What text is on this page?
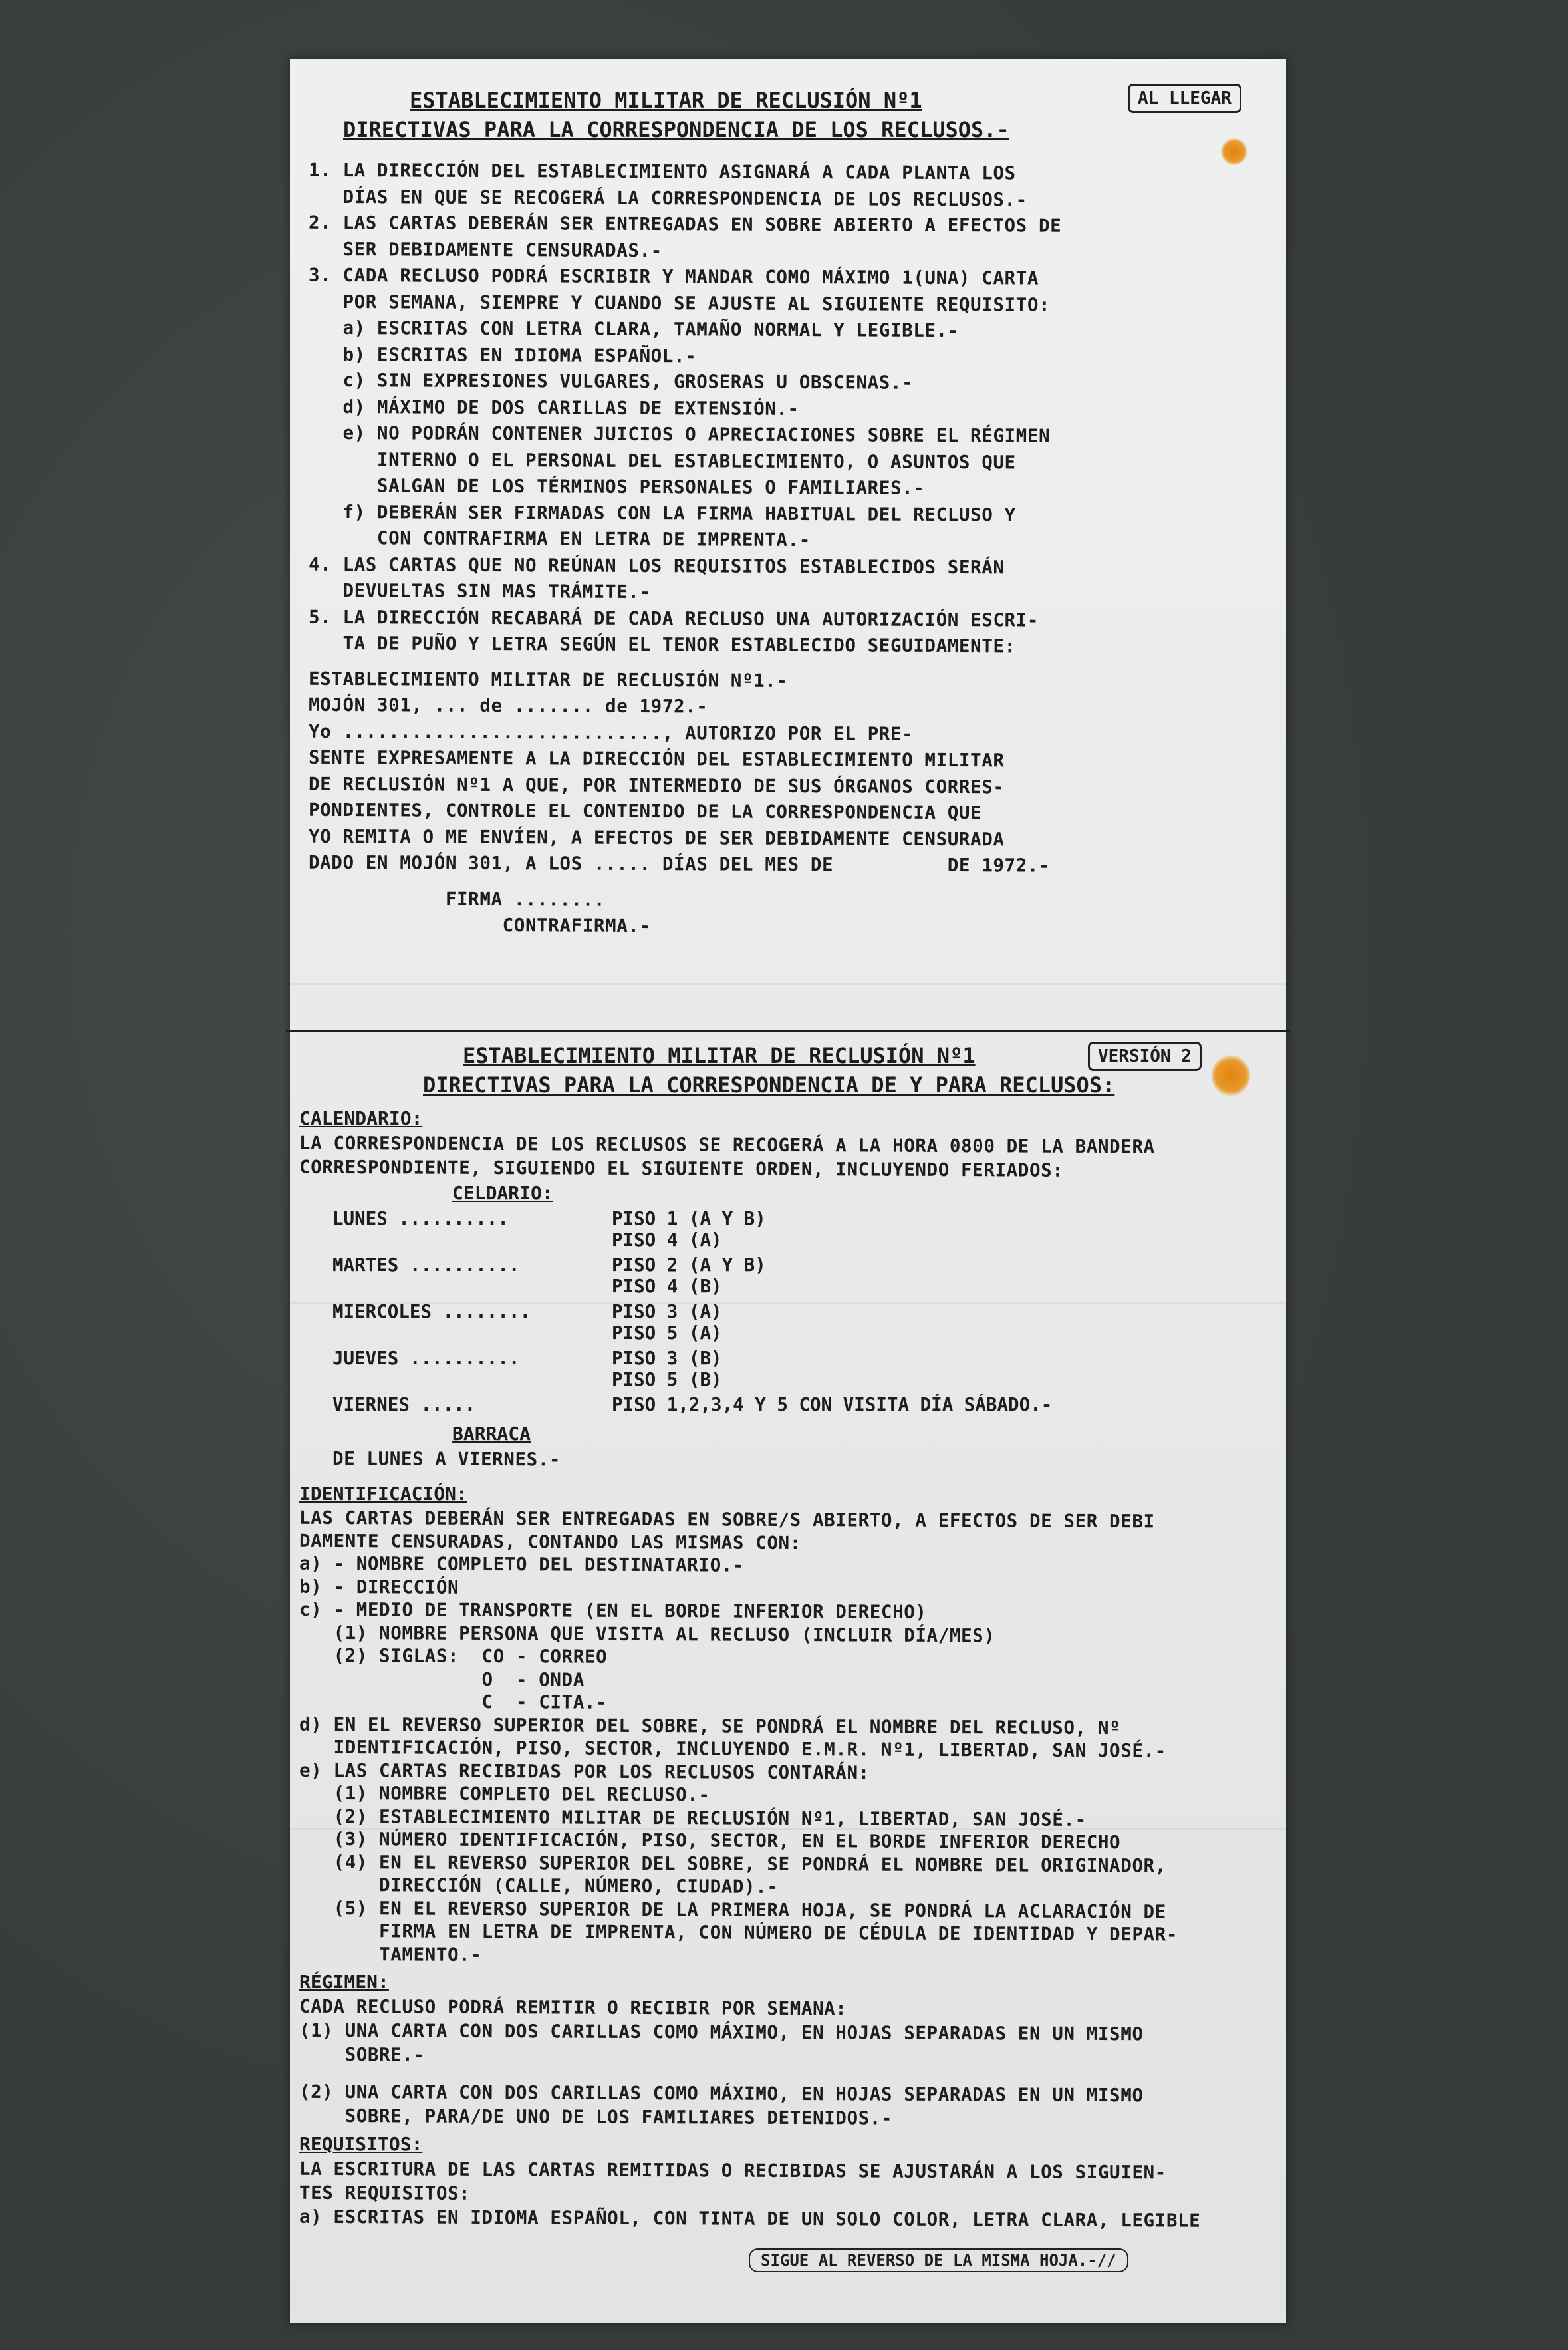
ESTABLECIMIENTO MILITAR DE RECLUSIÓN Nº1
DIRECTIVAS PARA LA CORRESPONDENCIA DE LOS RECLUSOS.-
AL LLEGAR
1. LA DIRECCIÓN DEL ESTABLECIMIENTO ASIGNARÁ A CADA PLANTA LOS
DÍAS EN QUE SE RECOGERÁ LA CORRESPONDENCIA DE LOS RECLUSOS.-
2. LAS CARTAS DEBERÁN SER ENTREGADAS EN SOBRE ABIERTO A EFECTOS DE
SER DEBIDAMENTE CENSURADAS.-
3. CADA RECLUSO PODRÁ ESCRIBIR Y MANDAR COMO MÁXIMO 1(UNA) CARTA
POR SEMANA, SIEMPRE Y CUANDO SE AJUSTE AL SIGUIENTE REQUISITO:
a) ESCRITAS CON LETRA CLARA, TAMAÑO NORMAL Y LEGIBLE.-
b) ESCRITAS EN IDIOMA ESPAÑOL.-
c) SIN EXPRESIONES VULGARES, GROSERAS U OBSCENAS.-
d) MÁXIMO DE DOS CARILLAS DE EXTENSIÓN.-
e) NO PODRÁN CONTENER JUICIOS O APRECIACIONES SOBRE EL RÉGIMEN
INTERNO O EL PERSONAL DEL ESTABLECIMIENTO, O ASUNTOS QUE
SALGAN DE LOS TÉRMINOS PERSONALES O FAMILIARES.-
f) DEBERÁN SER FIRMADAS CON LA FIRMA HABITUAL DEL RECLUSO Y
CON CONTRAFIRMA EN LETRA DE IMPRENTA.-
4. LAS CARTAS QUE NO REÚNAN LOS REQUISITOS ESTABLECIDOS SERÁN
DEVUELTAS SIN MAS TRÁMITE.-
5. LA DIRECCIÓN RECABARÁ DE CADA RECLUSO UNA AUTORIZACIÓN ESCRI-
TA DE PUÑO Y LETRA SEGÚN EL TENOR ESTABLECIDO SEGUIDAMENTE:
ESTABLECIMIENTO MILITAR DE RECLUSIÓN Nº1.-
MOJÓN 301, ... de ....... de 1972.-
Yo ............................, AUTORIZO POR EL PRE-
SENTE EXPRESAMENTE A LA DIRECCIÓN DEL ESTABLECIMIENTO MILITAR
DE RECLUSIÓN Nº1 A QUE, POR INTERMEDIO DE SUS ÓRGANOS CORRES-
PONDIENTES, CONTROLE EL CONTENIDO DE LA CORRESPONDENCIA QUE
YO REMITA O ME ENVÍEN, A EFECTOS DE SER DEBIDAMENTE CENSURADA
DADO EN MOJÓN 301, A LOS ..... DÍAS DEL MES DE          DE 1972.-
FIRMA ........
CONTRAFIRMA.-
ESTABLECIMIENTO MILITAR DE RECLUSIÓN Nº1
DIRECTIVAS PARA LA CORRESPONDENCIA DE Y PARA RECLUSOS:
VERSIÓN 2
CALENDARIO:
LA CORRESPONDENCIA DE LOS RECLUSOS SE RECOGERÁ A LA HORA 0800 DE LA BANDERA
CORRESPONDIENTE, SIGUIENDO EL SIGUIENTE ORDEN, INCLUYENDO FERIADOS:
CELDARIO:
LUNES ..........	PISO 1 (A Y B)
PISO 4 (A)
MARTES ..........	PISO 2 (A Y B)
PISO 4 (B)
MIERCOLES ........	PISO 3 (A)
PISO 5 (A)
JUEVES ..........	PISO 3 (B)
PISO 5 (B)
VIERNES .....	PISO 1,2,3,4 Y 5 CON VISITA DÍA SÁBADO.-
BARRACA
DE LUNES A VIERNES.-
IDENTIFICACIÓN:
LAS CARTAS DEBERÁN SER ENTREGADAS EN SOBRE/S ABIERTO, A EFECTOS DE SER DEBI
DAMENTE CENSURADAS, CONTANDO LAS MISMAS CON:
a) - NOMBRE COMPLETO DEL DESTINATARIO.-
b) - DIRECCIÓN
c) - MEDIO DE TRANSPORTE (EN EL BORDE INFERIOR DERECHO)
(1) NOMBRE PERSONA QUE VISITA AL RECLUSO (INCLUIR DÍA/MES)
(2) SIGLAS:  CO - CORREO
O  - ONDA
C  - CITA.-
d) EN EL REVERSO SUPERIOR DEL SOBRE, SE PONDRÁ EL NOMBRE DEL RECLUSO, Nº
IDENTIFICACIÓN, PISO, SECTOR, INCLUYENDO E.M.R. Nº1, LIBERTAD, SAN JOSÉ.-
e) LAS CARTAS RECIBIDAS POR LOS RECLUSOS CONTARÁN:
(1) NOMBRE COMPLETO DEL RECLUSO.-
(2) ESTABLECIMIENTO MILITAR DE RECLUSIÓN Nº1, LIBERTAD, SAN JOSÉ.-
(3) NÚMERO IDENTIFICACIÓN, PISO, SECTOR, EN EL BORDE INFERIOR DERECHO
(4) EN EL REVERSO SUPERIOR DEL SOBRE, SE PONDRÁ EL NOMBRE DEL ORIGINADOR,
DIRECCIÓN (CALLE, NÚMERO, CIUDAD).-
(5) EN EL REVERSO SUPERIOR DE LA PRIMERA HOJA, SE PONDRÁ LA ACLARACIÓN DE
FIRMA EN LETRA DE IMPRENTA, CON NÚMERO DE CÉDULA DE IDENTIDAD Y DEPAR-
TAMENTO.-
RÉGIMEN:
CADA RECLUSO PODRÁ REMITIR O RECIBIR POR SEMANA:
(1) UNA CARTA CON DOS CARILLAS COMO MÁXIMO, EN HOJAS SEPARADAS EN UN MISMO
SOBRE.-
(2) UNA CARTA CON DOS CARILLAS COMO MÁXIMO, EN HOJAS SEPARADAS EN UN MISMO
SOBRE, PARA/DE UNO DE LOS FAMILIARES DETENIDOS.-
REQUISITOS:
LA ESCRITURA DE LAS CARTAS REMITIDAS O RECIBIDAS SE AJUSTARÁN A LOS SIGUIEN-
TES REQUISITOS:
a) ESCRITAS EN IDIOMA ESPAÑOL, CON TINTA DE UN SOLO COLOR, LETRA CLARA, LEGIBLE
SIGUE AL REVERSO DE LA MISMA HOJA.-//
